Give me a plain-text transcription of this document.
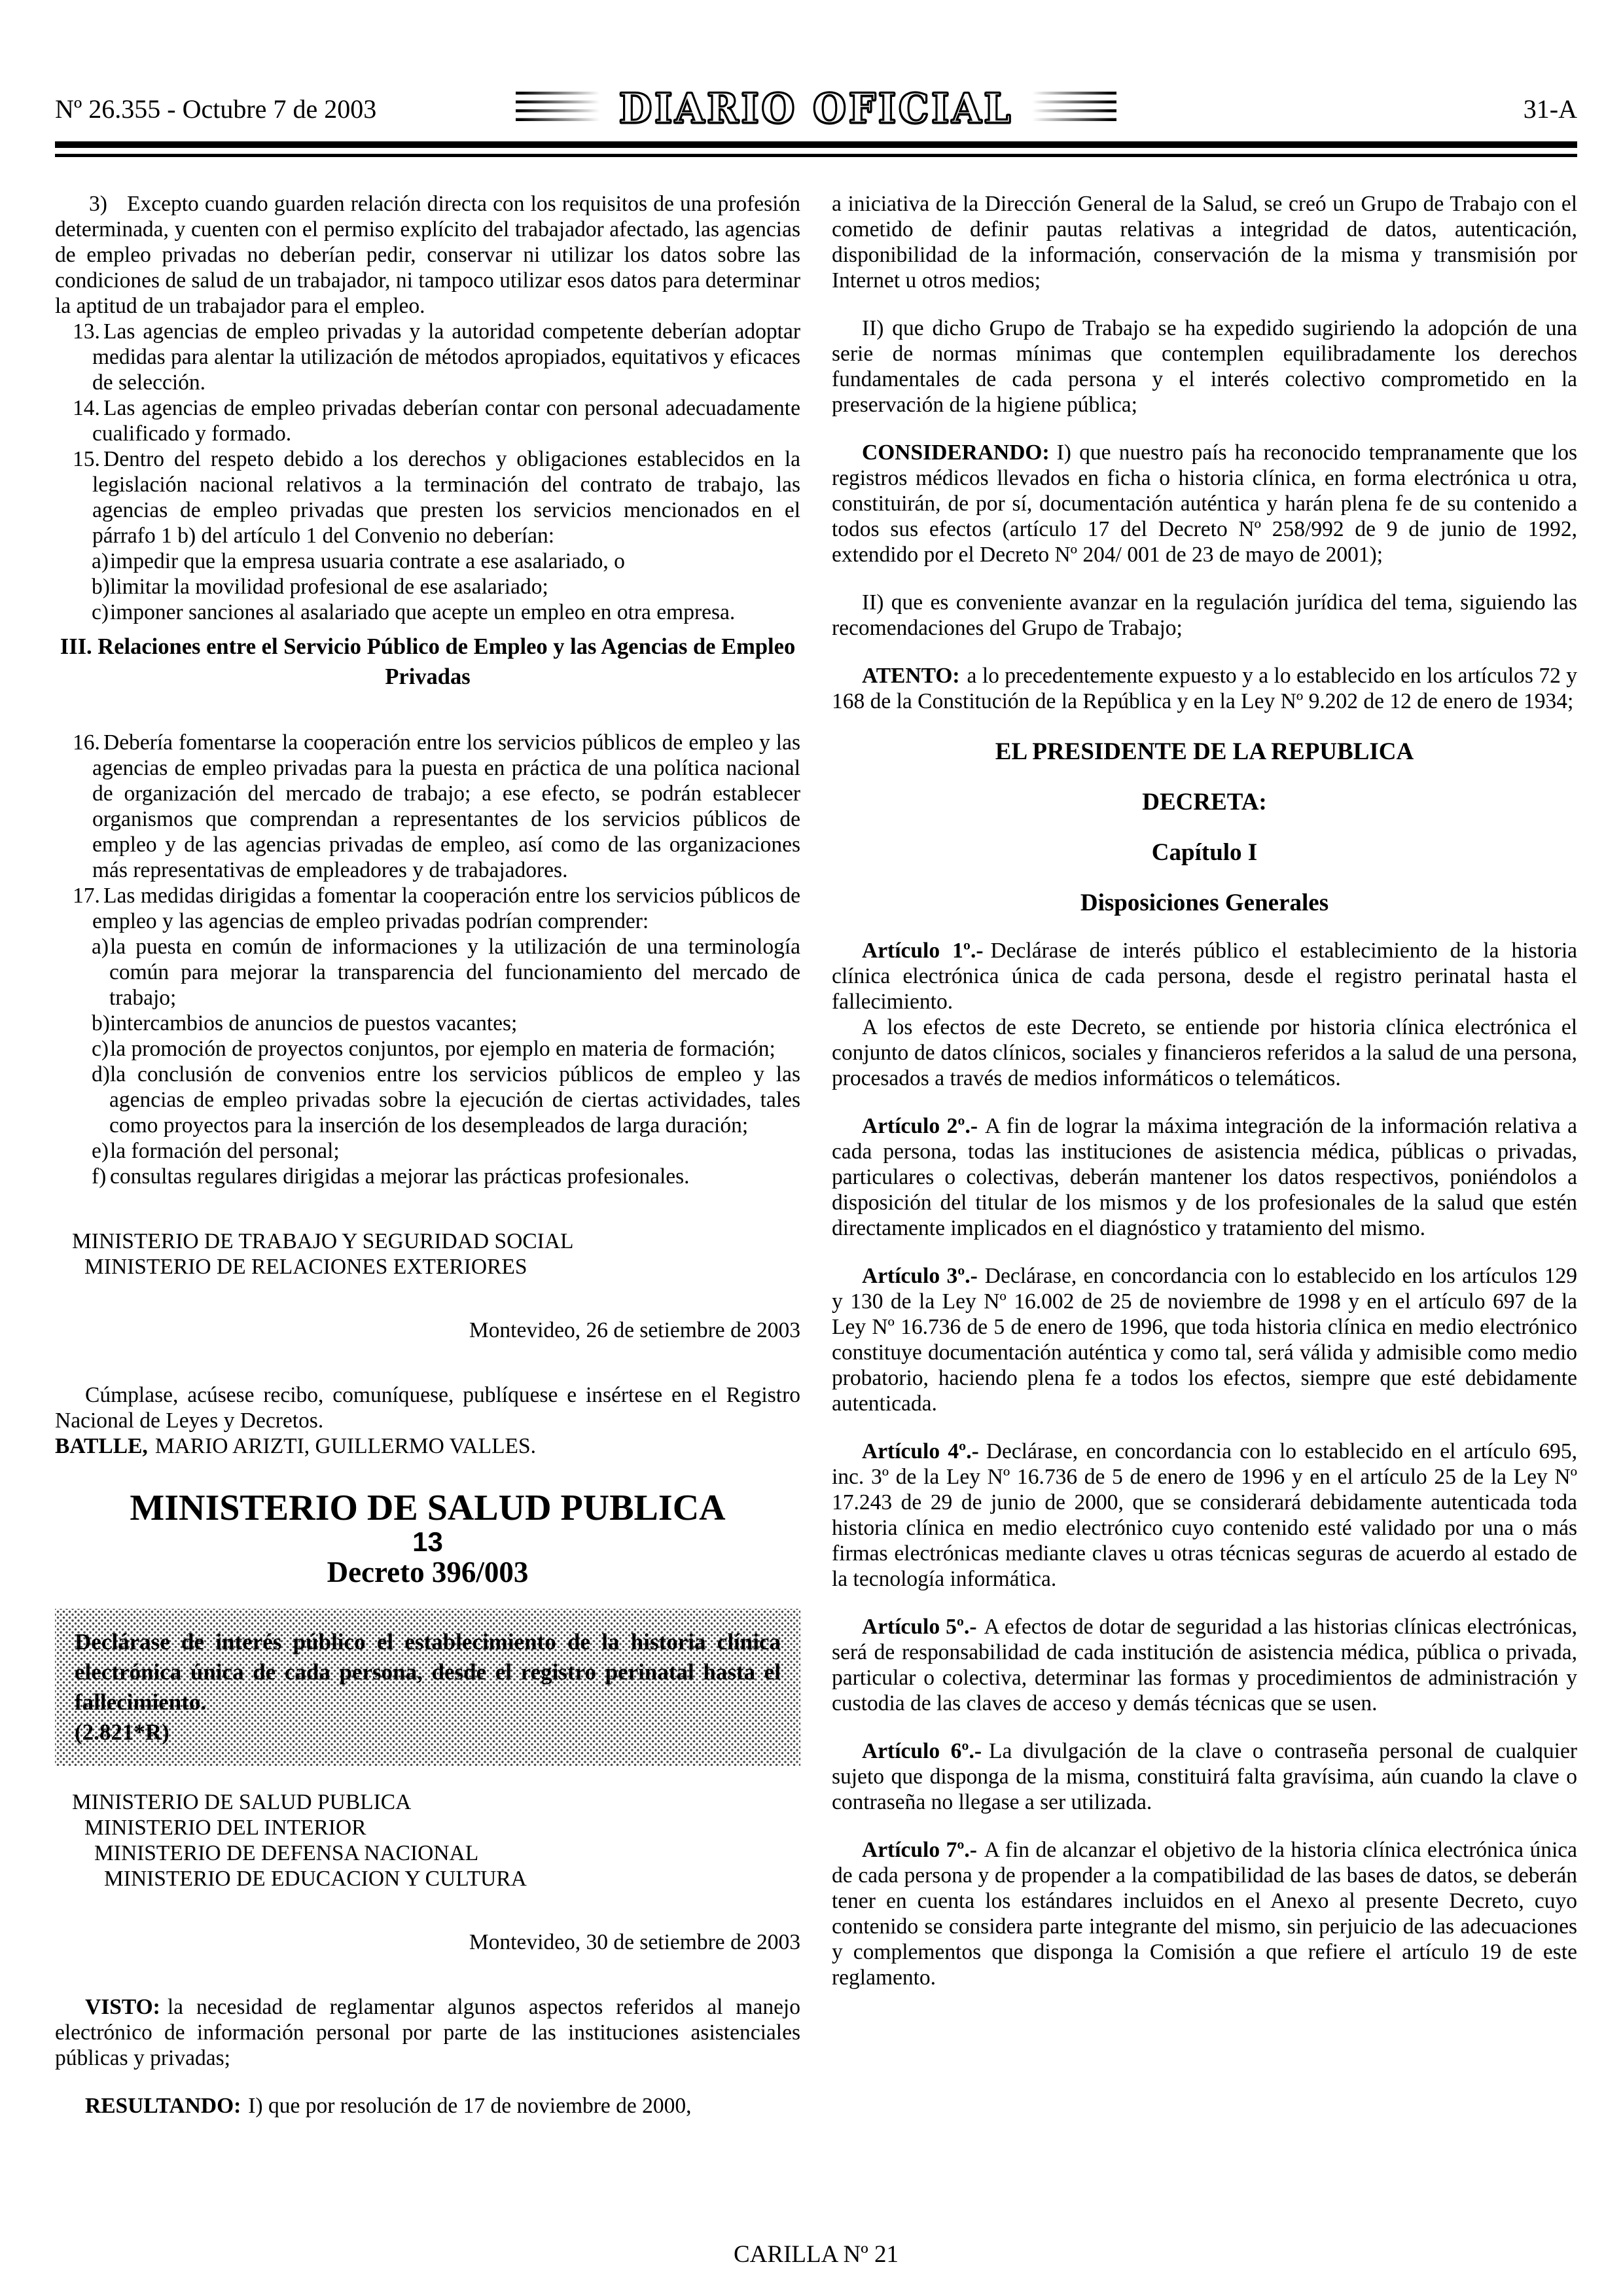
Nº 26.355 - Octubre 7 de 2003	DIARIO OFICIAL	31-A

3) Excepto cuando guarden relación directa con los requisitos de una profesión determinada, y cuenten con el permiso explícito del trabajador afectado, las agencias de empleo privadas no deberían pedir, conservar ni utilizar los datos sobre las condiciones de salud de un trabajador, ni tampoco utilizar esos datos para determinar la aptitud de un trabajador para el empleo.

13. Las agencias de empleo privadas y la autoridad competente deberían adoptar medidas para alentar la utilización de métodos apropiados, equitativos y eficaces de selección.

14. Las agencias de empleo privadas deberían contar con personal adecuadamente cualificado y formado.

15. Dentro del respeto debido a los derechos y obligaciones establecidos en la legislación nacional relativos a la terminación del contrato de trabajo, las agencias de empleo privadas que presten los servicios mencionados en el párrafo 1 b) del artículo 1 del Convenio no deberían:

a)impedir que la empresa usuaria contrate a ese asalariado, o

b)limitar la movilidad profesional de ese asalariado;

c)imponer sanciones al asalariado que acepte un empleo en otra empresa.

III. Relaciones entre el Servicio Público de Empleo y las Agencias de Empleo Privadas

16. Debería fomentarse la cooperación entre los servicios públicos de empleo y las agencias de empleo privadas para la puesta en práctica de una política nacional de organización del mercado de trabajo; a ese efecto, se podrán establecer organismos que comprendan a representantes de los servicios públicos de empleo y de las agencias privadas de empleo, así como de las organizaciones más representativas de empleadores y de trabajadores.

17. Las medidas dirigidas a fomentar la cooperación entre los servicios públicos de empleo y las agencias de empleo privadas podrían comprender:

a)la puesta en común de informaciones y la utilización de una terminología común para mejorar la transparencia del funcionamiento del mercado de trabajo;

b)intercambios de anuncios de puestos vacantes;

c)la promoción de proyectos conjuntos, por ejemplo en materia de formación;

d)la conclusión de convenios entre los servicios públicos de empleo y las agencias de empleo privadas sobre la ejecución de ciertas actividades, tales como proyectos para la inserción de los desempleados de larga duración;

e)la formación del personal;

f) consultas regulares dirigidas a mejorar las prácticas profesionales.

MINISTERIO DE TRABAJO Y SEGURIDAD SOCIAL

MINISTERIO DE RELACIONES EXTERIORES

Montevideo, 26 de setiembre de 2003

Cúmplase, acúsese recibo, comuníquese, publíquese e insértese en el Registro Nacional de Leyes y Decretos.

BATLLE, MARIO ARIZTI, GUILLERMO VALLES.

MINISTERIO DE SALUD PUBLICA

13

Decreto 396/003

Declárase de interés público el establecimiento de la historia clínica electrónica única de cada persona, desde el registro perinatal hasta el fallecimiento.
(2.821*R)

MINISTERIO DE SALUD PUBLICA

MINISTERIO DEL INTERIOR

MINISTERIO DE DEFENSA NACIONAL

MINISTERIO DE EDUCACION Y CULTURA

Montevideo, 30 de setiembre de 2003

VISTO: la necesidad de reglamentar algunos aspectos referidos al manejo electrónico de información personal por parte de las instituciones asistenciales públicas y privadas;

RESULTANDO: I) que por resolución de 17 de noviembre de 2000,

a iniciativa de la Dirección General de la Salud, se creó un Grupo de Trabajo con el cometido de definir pautas relativas a integridad de datos, autenticación, disponibilidad de la información, conservación de la misma y transmisión por Internet u otros medios;

II) que dicho Grupo de Trabajo se ha expedido sugiriendo la adopción de una serie de normas mínimas que contemplen equilibradamente los derechos fundamentales de cada persona y el interés colectivo comprometido en la preservación de la higiene pública;

CONSIDERANDO: I) que nuestro país ha reconocido tempranamente que los registros médicos llevados en ficha o historia clínica, en forma electrónica u otra, constituirán, de por sí, documentación auténtica y harán plena fe de su contenido a todos sus efectos (artículo 17 del Decreto Nº 258/992 de 9 de junio de 1992, extendido por el Decreto Nº 204/ 001 de 23 de mayo de 2001);

II) que es conveniente avanzar en la regulación jurídica del tema, siguiendo las recomendaciones del Grupo de Trabajo;

ATENTO: a lo precedentemente expuesto y a lo establecido en los artículos 72 y 168 de la Constitución de la República y en la Ley Nº 9.202 de 12 de enero de 1934;

EL PRESIDENTE DE LA REPUBLICA

DECRETA:

Capítulo I

Disposiciones Generales

Artículo 1º.- Declárase de interés público el establecimiento de la historia clínica electrónica única de cada persona, desde el registro perinatal hasta el fallecimiento.

A los efectos de este Decreto, se entiende por historia clínica electrónica el conjunto de datos clínicos, sociales y financieros referidos a la salud de una persona, procesados a través de medios informáticos o telemáticos.

Artículo 2º.- A fin de lograr la máxima integración de la información relativa a cada persona, todas las instituciones de asistencia médica, públicas o privadas, particulares o colectivas, deberán mantener los datos respectivos, poniéndolos a disposición del titular de los mismos y de los profesionales de la salud que estén directamente implicados en el diagnóstico y tratamiento del mismo.

Artículo 3º.- Declárase, en concordancia con lo establecido en los artículos 129 y 130 de la Ley Nº 16.002 de 25 de noviembre de 1998 y en el artículo 697 de la Ley Nº 16.736 de 5 de enero de 1996, que toda historia clínica en medio electrónico constituye documentación auténtica y como tal, será válida y admisible como medio probatorio, haciendo plena fe a todos los efectos, siempre que esté debidamente autenticada.

Artículo 4º.- Declárase, en concordancia con lo establecido en el artículo 695, inc. 3º de la Ley Nº 16.736 de 5 de enero de 1996 y en el artículo 25 de la Ley Nº 17.243 de 29 de junio de 2000, que se considerará debidamente autenticada toda historia clínica en medio electrónico cuyo contenido esté validado por una o más firmas electrónicas mediante claves u otras técnicas seguras de acuerdo al estado de la tecnología informática.

Artículo 5º.- A efectos de dotar de seguridad a las historias clínicas electrónicas, será de responsabilidad de cada institución de asistencia médica, pública o privada, particular o colectiva, determinar las formas y procedimientos de administración y custodia de las claves de acceso y demás técnicas que se usen.

Artículo 6º.- La divulgación de la clave o contraseña personal de cualquier sujeto que disponga de la misma, constituirá falta gravísima, aún cuando la clave o contraseña no llegase a ser utilizada.

Artículo 7º.- A fin de alcanzar el objetivo de la historia clínica electrónica única de cada persona y de propender a la compatibilidad de las bases de datos, se deberán tener en cuenta los estándares incluidos en el Anexo al presente Decreto, cuyo contenido se considera parte integrante del mismo, sin perjuicio de las adecuaciones y complementos que disponga la Comisión a que refiere el artículo 19 de este reglamento.

CARILLA Nº 21
